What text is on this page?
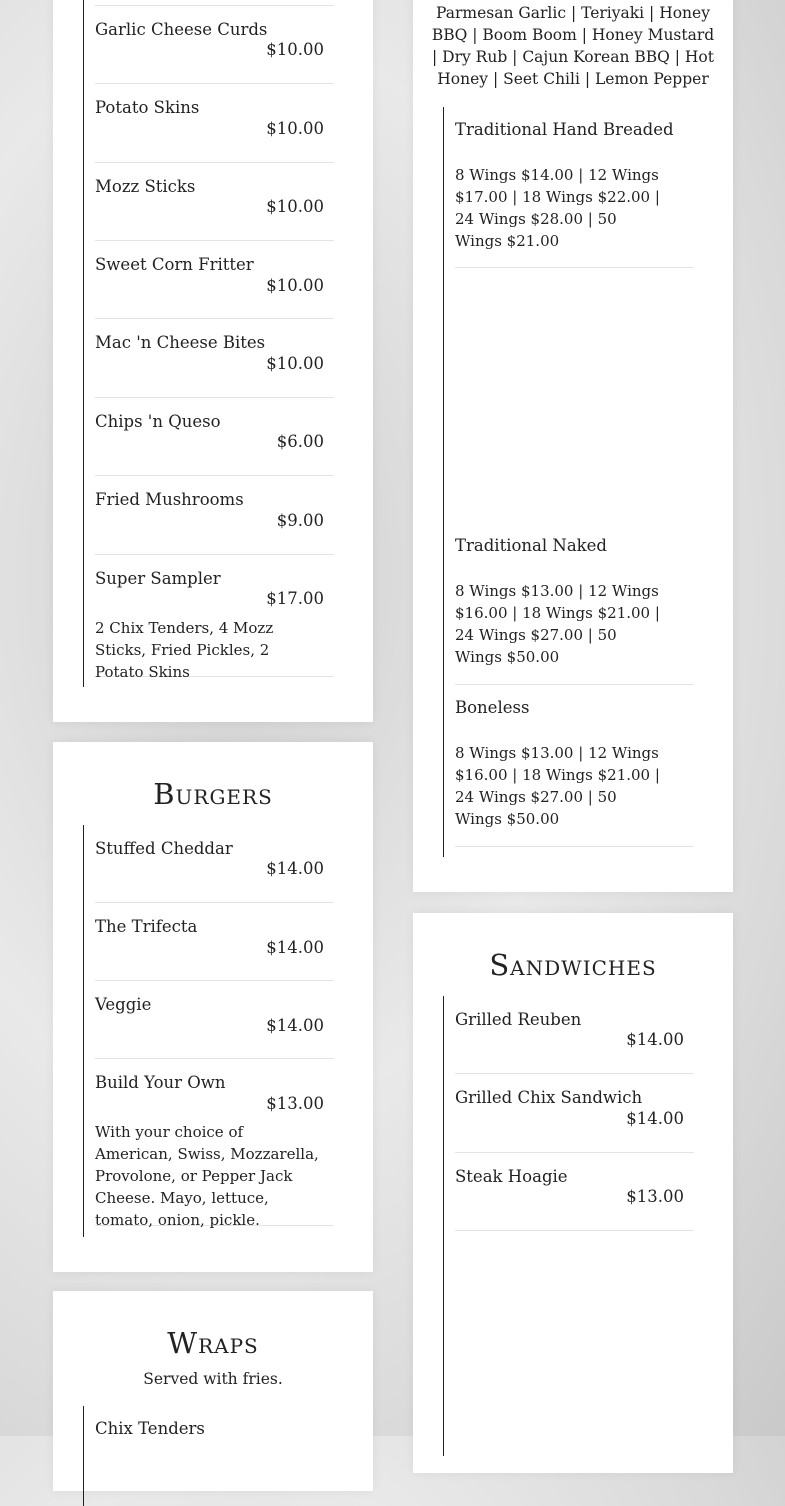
Garlic Cheese Curds
$10.00
Potato Skins
$10.00
Mozz Sticks
$10.00
Sweet Corn Fritter
$10.00
Mac 'n Cheese Bites
$10.00
Chips 'n Queso
$6.00
Fried Mushrooms
$9.00
Super Sampler
$17.00
2 Chix Tenders, 4 Mozz Sticks, Fried Pickles, 2 Potato Skins
Burgers
Stuffed Cheddar
$14.00
The Trifecta
$14.00
Veggie
$14.00
Build Your Own
$13.00
With your choice of American, Swiss, Mozzarella, Provolone, or Pepper Jack Cheese. Mayo, lettuce, tomato, onion, pickle.
Wraps
Served with fries.
Chix Tenders
Parmesan Garlic | Teriyaki | Honey
BBQ | Boom Boom | Honey Mustard
| Dry Rub | Cajun Korean BBQ | Hot
Honey | Seet Chili | Lemon Pepper
Traditional Hand Breaded
8 Wings $14.00 | 12 Wings $17.00 | 18 Wings $22.00 | 24 Wings $28.00 | 50 Wings $21.00
Traditional Naked
8 Wings $13.00 | 12 Wings $16.00 | 18 Wings $21.00 | 24 Wings $27.00 | 50 Wings $50.00
Boneless
8 Wings $13.00 | 12 Wings $16.00 | 18 Wings $21.00 | 24 Wings $27.00 | 50 Wings $50.00
Sandwiches
Grilled Reuben
$14.00
Grilled Chix Sandwich
$14.00
Steak Hoagie
$13.00
